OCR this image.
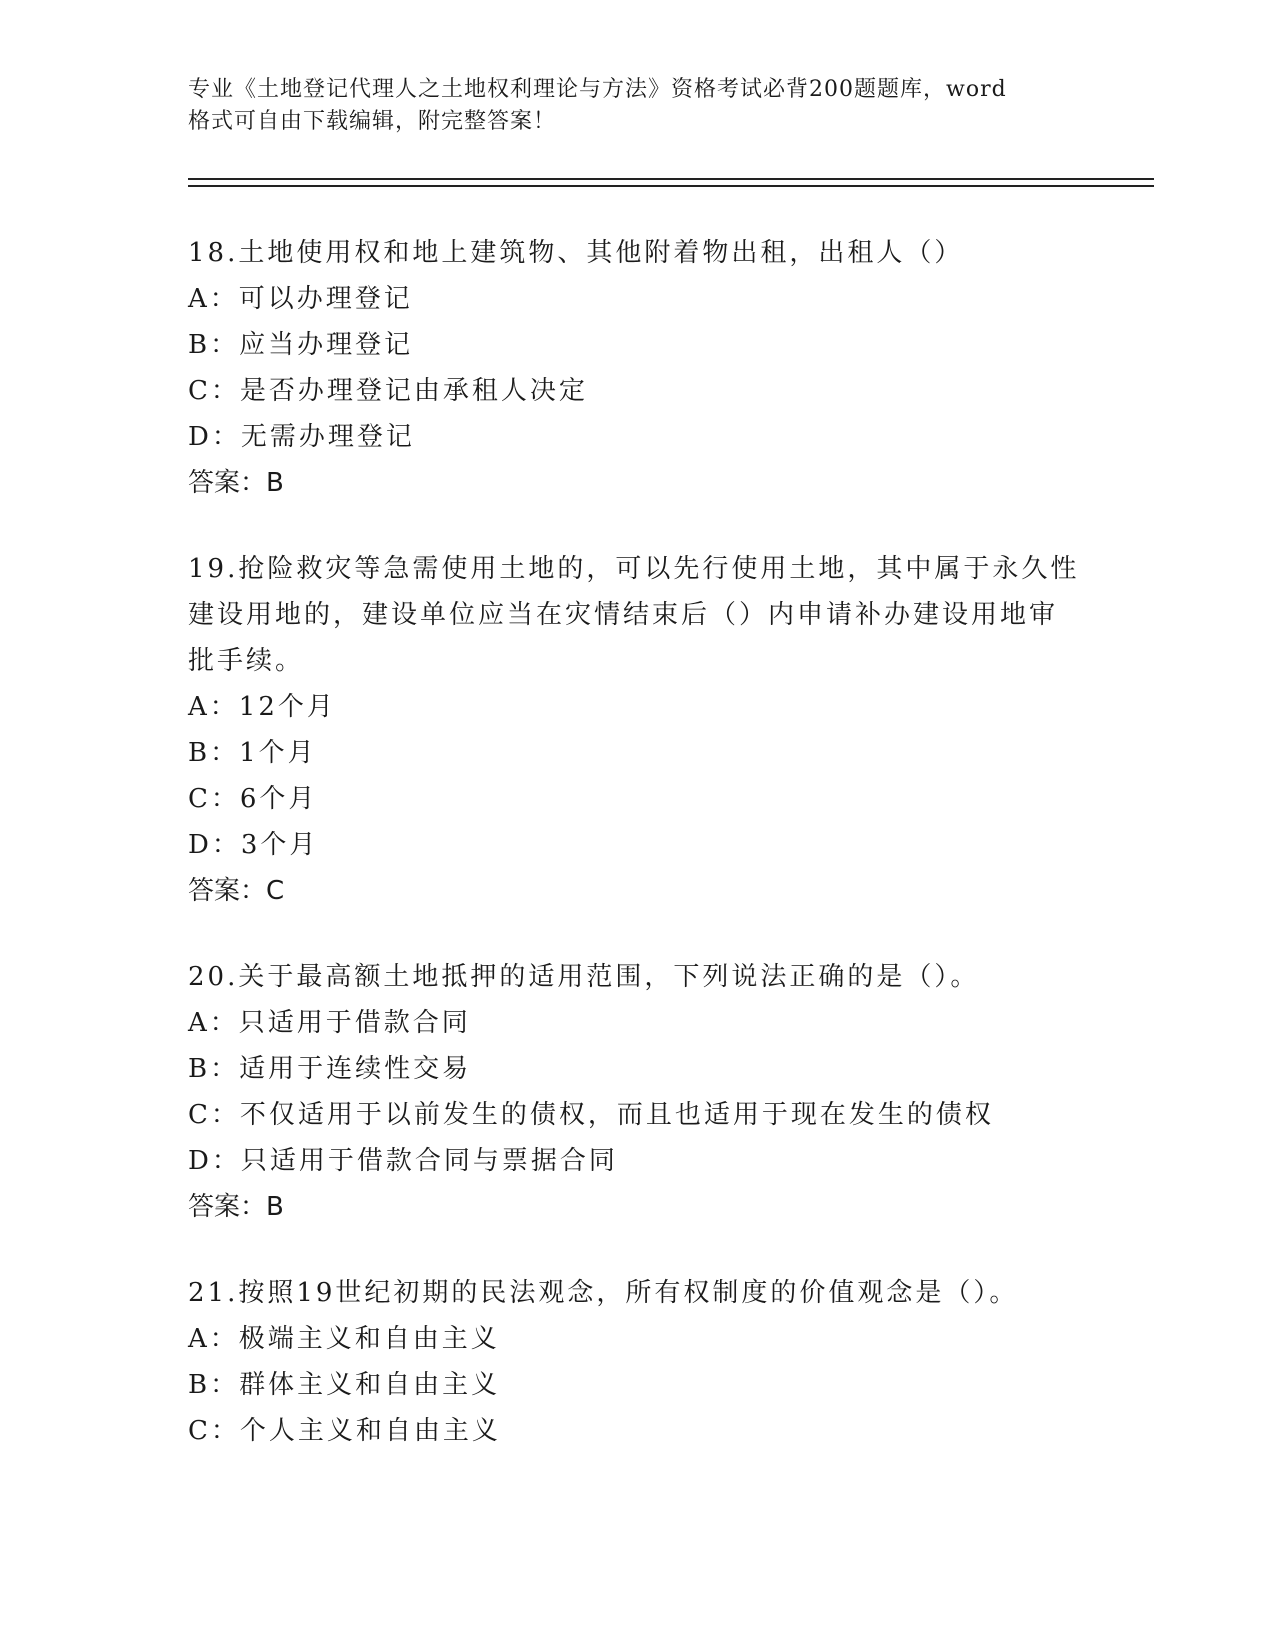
专业《土地登记代理人之土地权利理论与方法》资格考试必背200题题库，word
格式可自由下载编辑，附完整答案！
18.土地使用权和地上建筑物、其他附着物出租，出租人（）
A：可以办理登记
B：应当办理登记
C：是否办理登记由承租人决定
D：无需办理登记
答案：B
19.抢险救灾等急需使用土地的，可以先行使用土地，其中属于永久性
建设用地的，建设单位应当在灾情结束后（）内申请补办建设用地审
批手续。
A：12个月
B：1个月
C：6个月
D：3个月
答案：C
20.关于最高额土地抵押的适用范围，下列说法正确的是（）。
A：只适用于借款合同
B：适用于连续性交易
C：不仅适用于以前发生的债权，而且也适用于现在发生的债权
D：只适用于借款合同与票据合同
答案：B
21.按照19世纪初期的民法观念，所有权制度的价值观念是（）。
A：极端主义和自由主义
B：群体主义和自由主义
C：个人主义和自由主义
